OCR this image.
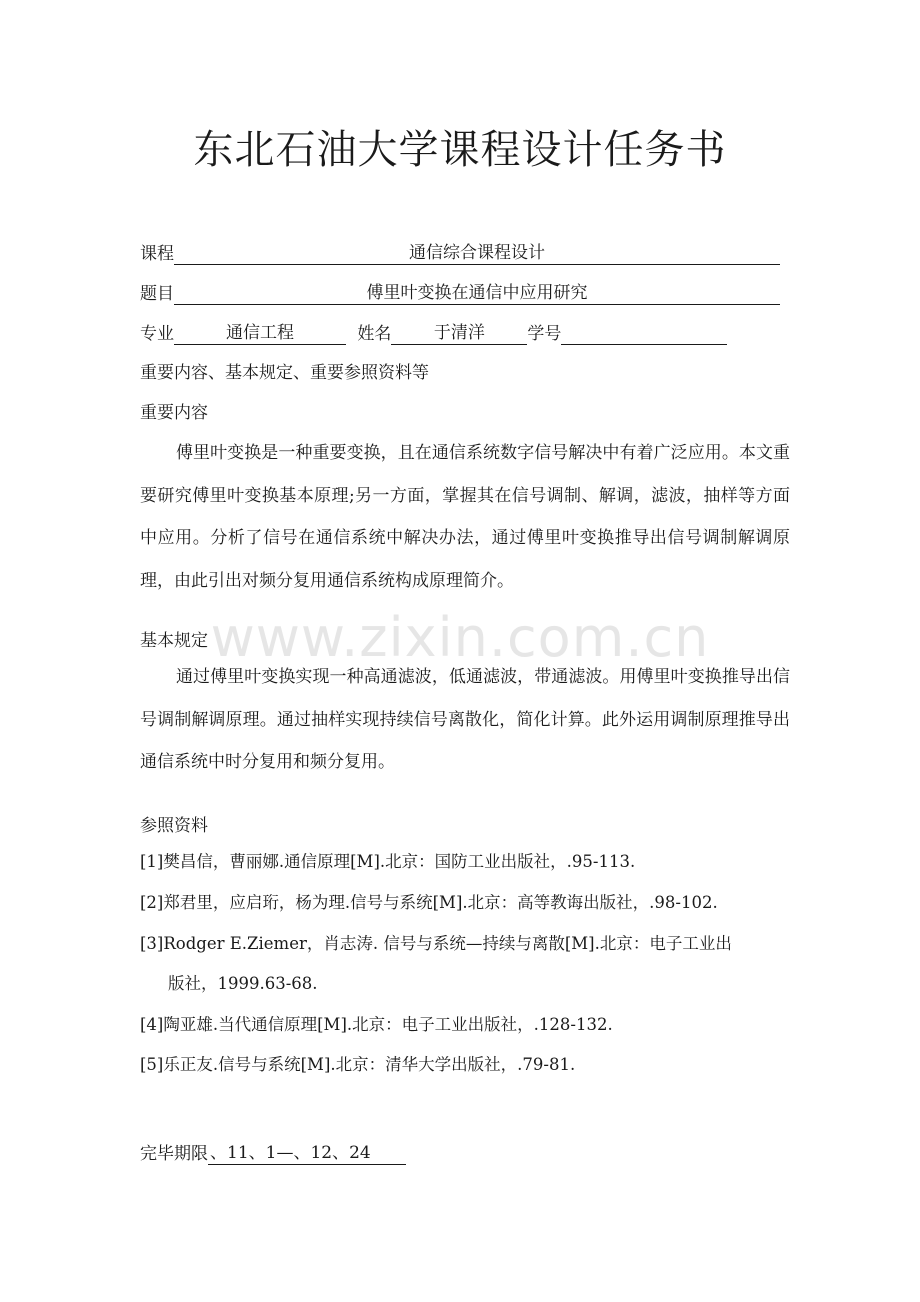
www.zixin.com.cn
东北石油大学课程设计任务书
课程	通信综合课程设计
题目	傅里叶变换在通信中应用研究
专业	通信工程	姓名	于清洋	学号
重要内容、基本规定、重要参照资料等
重要内容

傅里叶变换是一种重要变换，且在通信系统数字信号解决中有着广泛应用。本文重要研究傅里叶变换基本原理;另一方面，掌握其在信号调制、解调，滤波，抽样等方面中应用。分析了信号在通信系统中解决办法，通过傅里叶变换推导出信号调制解调原理，由此引出对频分复用通信系统构成原理简介。

基本规定

通过傅里叶变换实现一种高通滤波，低通滤波，带通滤波。用傅里叶变换推导出信号调制解调原理。通过抽样实现持续信号离散化，简化计算。此外运用调制原理推导出通信系统中时分复用和频分复用。

参照资料
[1]樊昌信，曹丽娜.通信原理[M].北京：国防工业出版社，.95-113.
[2]郑君里，应启珩，杨为理.信号与系统[M].北京：高等教诲出版社，.98-102.
[3]Rodger E.Ziemer，肖志涛. 信号与系统—持续与离散[M].北京：电子工业出
版社，1999.63-68.
[4]陶亚雄.当代通信原理[M].北京：电子工业出版社，.128-132.
[5]乐正友.信号与系统[M].北京：清华大学出版社，.79-81.
完毕期限 、11、1—、12、24
